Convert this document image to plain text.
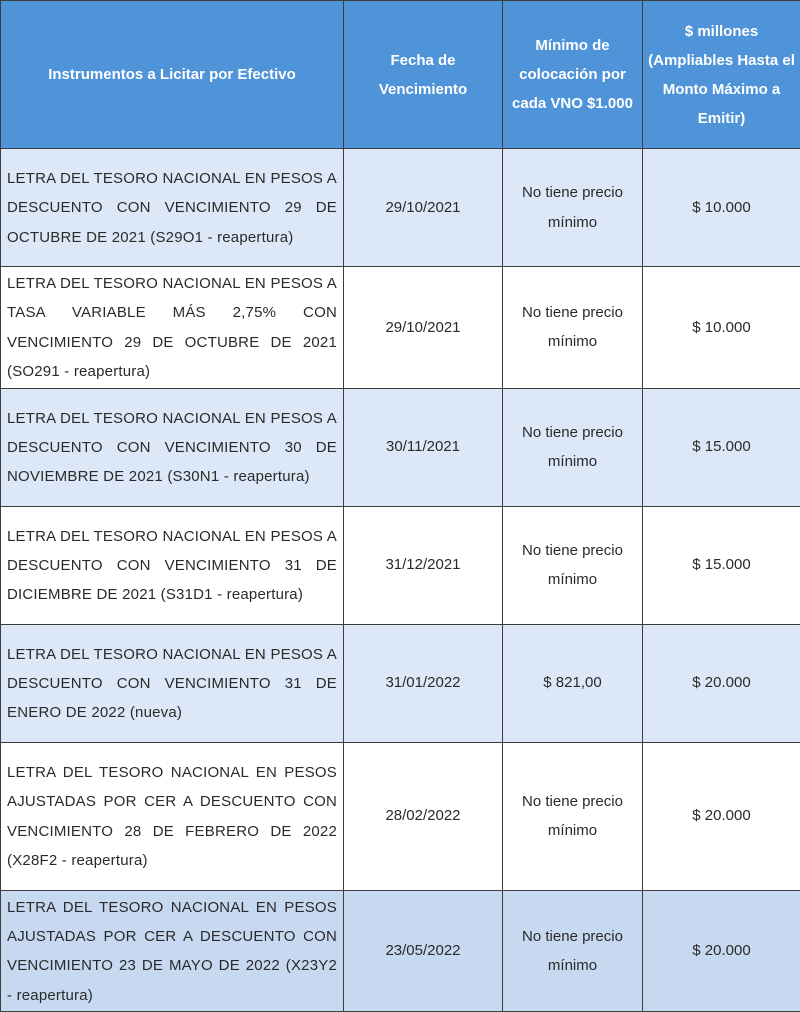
Instrumentos a Licitar por Efectivo	Fecha de Vencimiento	Mínimo de colocación por cada VNO $1.000	$ millones (Ampliables Hasta el Monto Máximo a Emitir)
LETRA DEL TESORO NACIONAL EN PESOS A DESCUENTO CON VENCIMIENTO 29 DE OCTUBRE DE 2021 (S29O1 - reapertura)	29/10/2021	No tiene precio mínimo	$ 10.000
LETRA DEL TESORO NACIONAL EN PESOS A TASA VARIABLE MÁS 2,75% CON VENCIMIENTO 29 DE OCTUBRE DE 2021 (SO291 - reapertura)	29/10/2021	No tiene precio mínimo	$ 10.000
LETRA DEL TESORO NACIONAL EN PESOS A DESCUENTO CON VENCIMIENTO 30 DE NOVIEMBRE DE 2021 (S30N1 - reapertura)	30/11/2021	No tiene precio mínimo	$ 15.000
LETRA DEL TESORO NACIONAL EN PESOS A DESCUENTO CON VENCIMIENTO 31 DE DICIEMBRE DE 2021 (S31D1 - reapertura)	31/12/2021	No tiene precio mínimo	$ 15.000
LETRA DEL TESORO NACIONAL EN PESOS A DESCUENTO CON VENCIMIENTO 31 DE ENERO DE 2022 (nueva)	31/01/2022	$ 821,00	$ 20.000
LETRA DEL TESORO NACIONAL EN PESOS AJUSTADAS POR CER A DESCUENTO CON VENCIMIENTO 28 DE FEBRERO DE 2022 (X28F2 - reapertura)	28/02/2022	No tiene precio mínimo	$ 20.000
LETRA DEL TESORO NACIONAL EN PESOS AJUSTADAS POR CER A DESCUENTO CON VENCIMIENTO 23 DE MAYO DE 2022 (X23Y2 - reapertura)	23/05/2022	No tiene precio mínimo	$ 20.000
